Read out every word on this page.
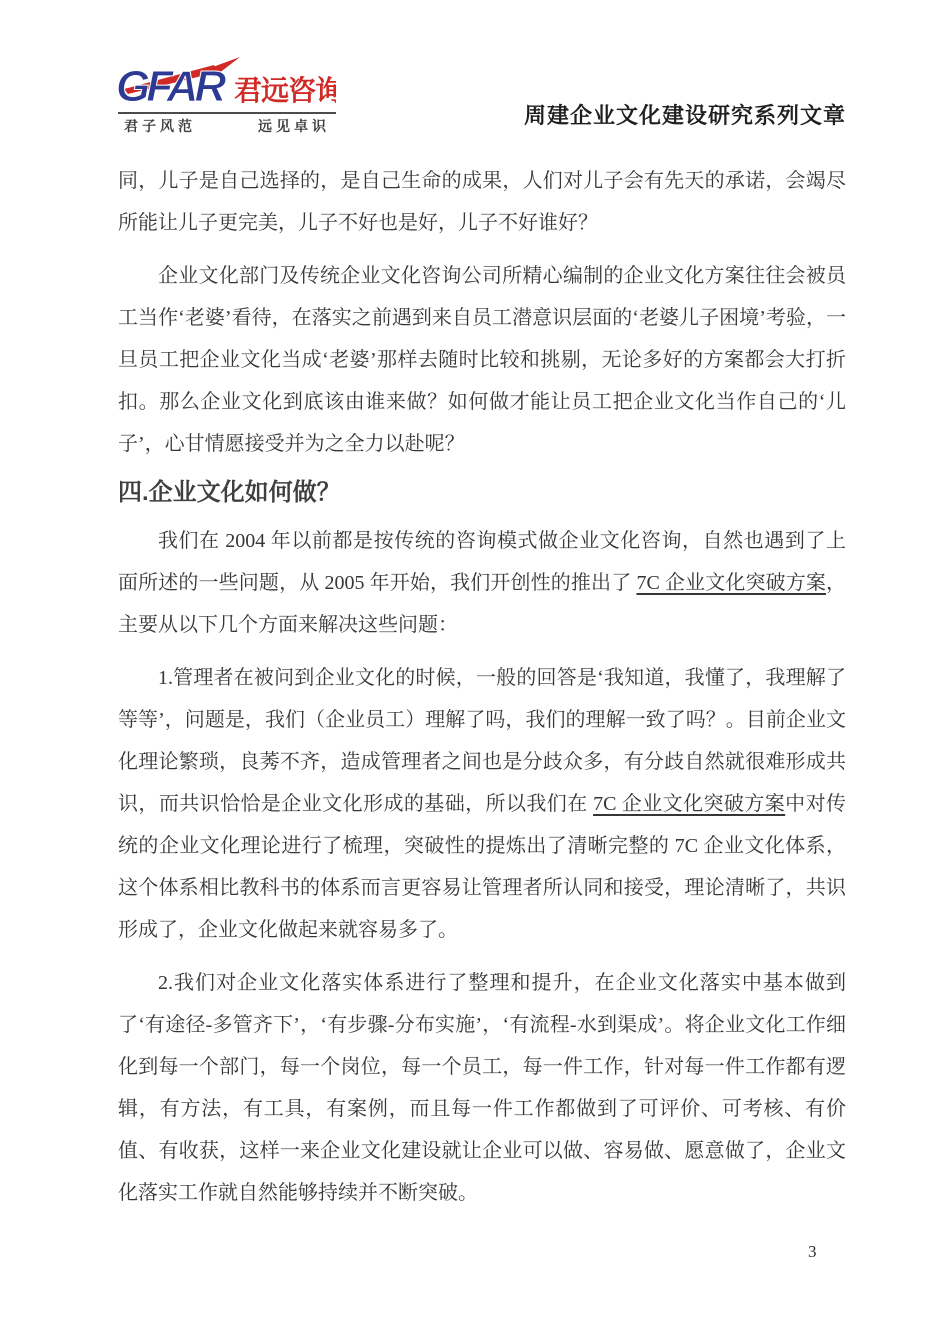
GFAR 君远咨询
君子风范	远见卓识	周建企业文化建设研究系列文章

同，儿子是自己选择的，是自己生命的成果，人们对儿子会有先天的承诺，会竭尽所能让儿子更完美，儿子不好也是好，儿子不好谁好？

企业文化部门及传统企业文化咨询公司所精心编制的企业文化方案往往会被员工当作‘老婆’看待，在落实之前遇到来自员工潜意识层面的‘老婆儿子困境’考验，一旦员工把企业文化当成‘老婆’那样去随时比较和挑剔，无论多好的方案都会大打折扣。那么企业文化到底该由谁来做？如何做才能让员工把企业文化当作自己的‘儿子’，心甘情愿接受并为之全力以赴呢？

四.企业文化如何做？

我们在 2004 年以前都是按传统的咨询模式做企业文化咨询，自然也遇到了上面所述的一些问题，从 2005 年开始，我们开创性的推出了 7C 企业文化突破方案，主要从以下几个方面来解决这些问题：

1.管理者在被问到企业文化的时候，一般的回答是‘我知道，我懂了，我理解了等等’，问题是，我们（企业员工）理解了吗，我们的理解一致了吗？。目前企业文化理论繁琐，良莠不齐，造成管理者之间也是分歧众多，有分歧自然就很难形成共识，而共识恰恰是企业文化形成的基础，所以我们在 7C 企业文化突破方案中对传统的企业文化理论进行了梳理，突破性的提炼出了清晰完整的 7C 企业文化体系，这个体系相比教科书的体系而言更容易让管理者所认同和接受，理论清晰了，共识形成了，企业文化做起来就容易多了。

2.我们对企业文化落实体系进行了整理和提升，在企业文化落实中基本做到了‘有途径-多管齐下’，‘有步骤-分布实施’，‘有流程-水到渠成’。将企业文化工作细化到每一个部门，每一个岗位，每一个员工，每一件工作，针对每一件工作都有逻辑，有方法，有工具，有案例，而且每一件工作都做到了可评价、可考核、有价值、有收获，这样一来企业文化建设就让企业可以做、容易做、愿意做了，企业文化落实工作就自然能够持续并不断突破。

3
